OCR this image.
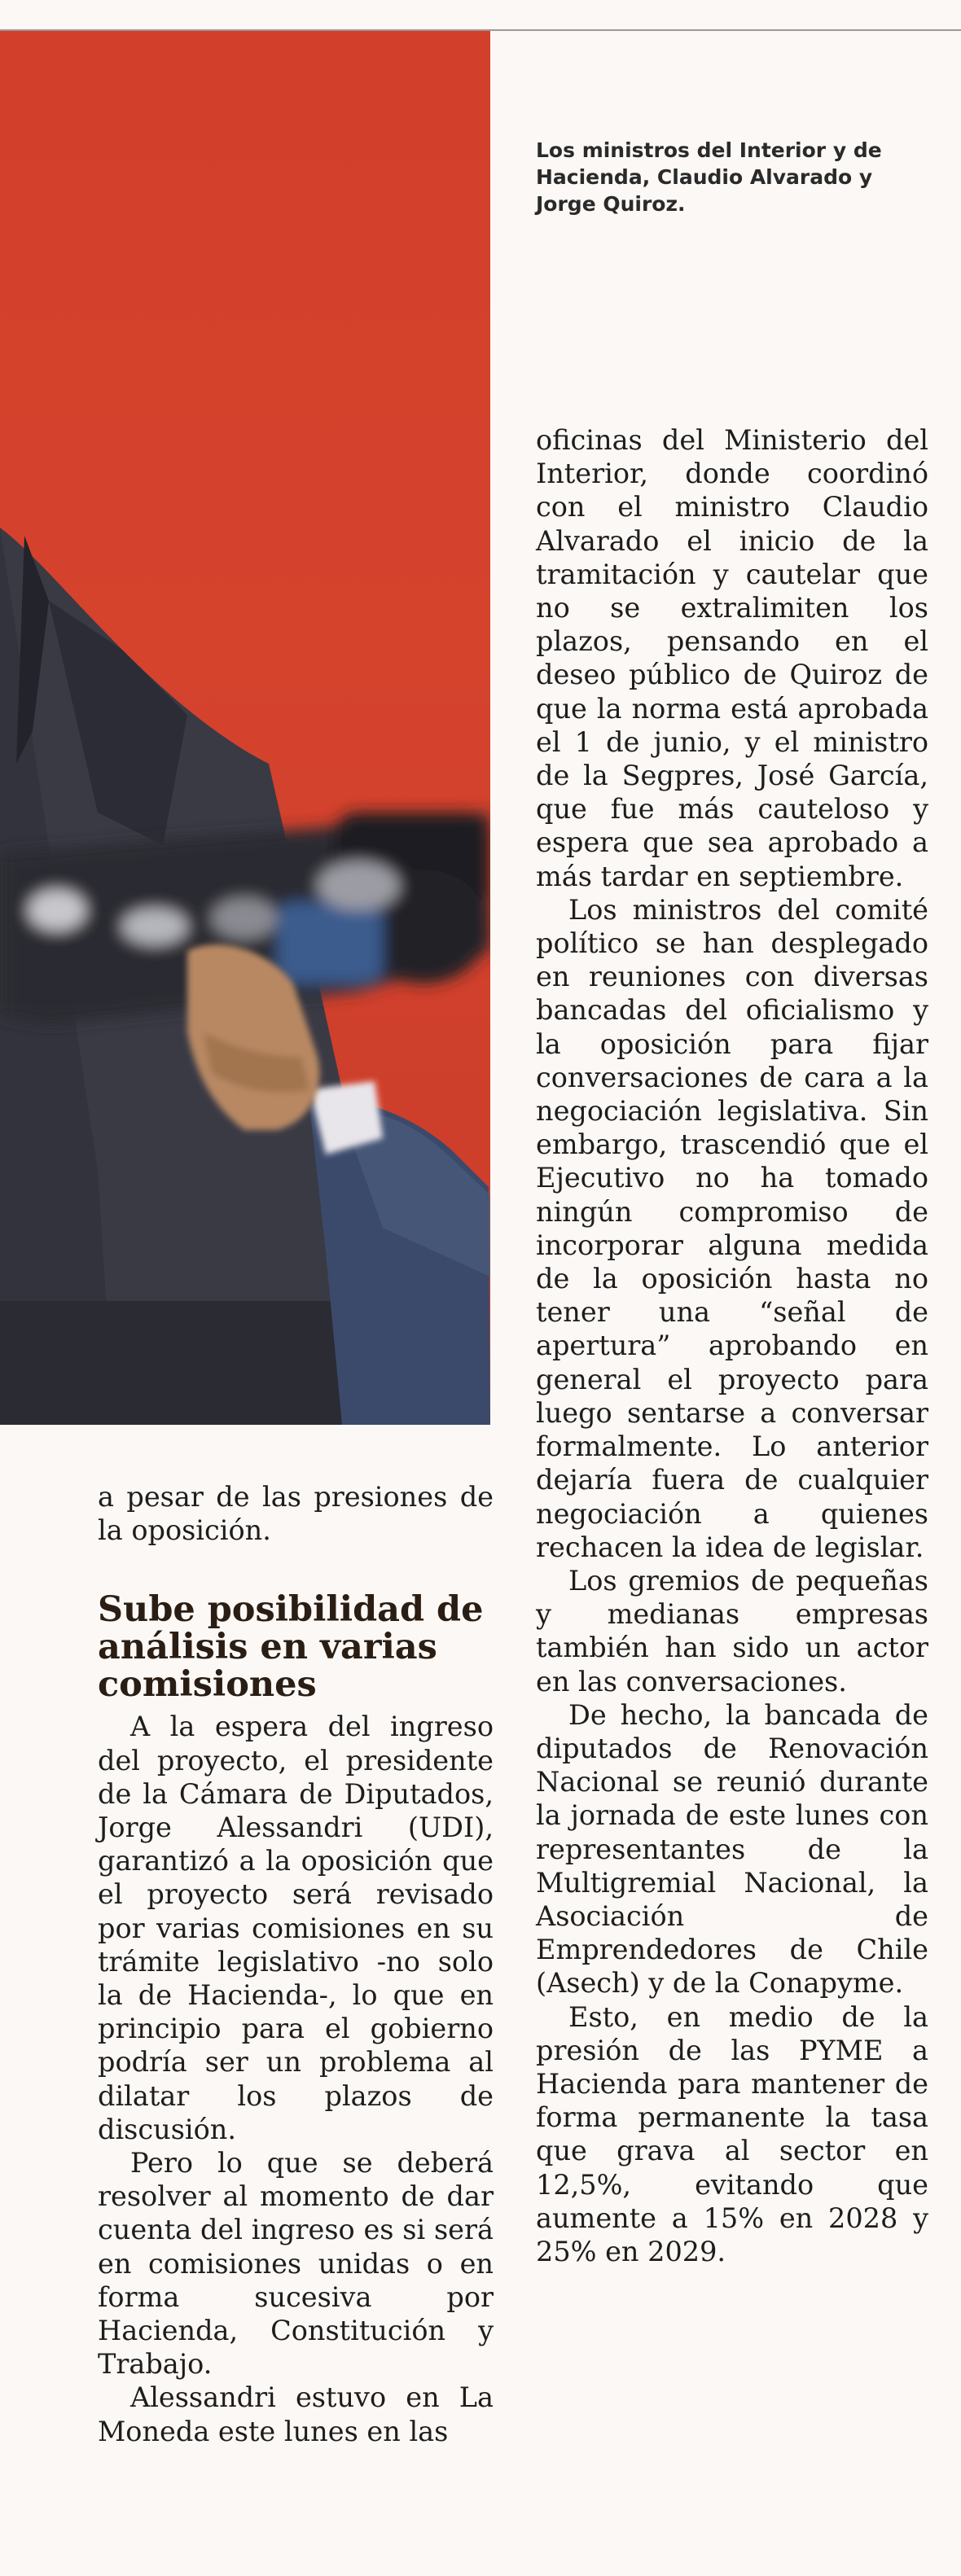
Los ministros del Interior y de Hacienda, Claudio Alvarado y Jorge Quiroz.

a pesar de las presiones de la oposición.

Sube posibilidad de análisis en varias comisiones

A la espera del ingreso del proyecto, el presidente de la Cámara de Diputados, Jorge Alessandri (UDI), garantizó a la oposición que el proyecto será revisado por varias comisiones en su trámite legislativo -no solo la de Hacienda-, lo que en principio para el gobierno podría ser un problema al dilatar los plazos de discusión.

Pero lo que se deberá resolver al momento de dar cuenta del ingreso es si será en comisiones unidas o en forma sucesiva por Hacienda, Constitución y Trabajo.

Alessandri estuvo en La Moneda este lunes en las

oficinas del Ministerio del Interior, donde coordinó con el ministro Claudio Alvarado el inicio de la tramitación y cautelar que no se extralimiten los plazos, pensando en el deseo público de Quiroz de que la norma está aprobada el 1 de junio, y el ministro de la Segpres, José García, que fue más cauteloso y espera que sea aprobado a más tardar en septiembre.

Los ministros del comité político se han desplegado en reuniones con diversas bancadas del oficialismo y la oposición para fijar conversaciones de cara a la negociación legislativa. Sin embargo, trascendió que el Ejecutivo no ha tomado ningún compromiso de incorporar alguna medida de la oposición hasta no tener una “señal de apertura” aprobando en general el proyecto para luego sentarse a conversar formalmente. Lo anterior dejaría fuera de cualquier negociación a quienes rechacen la idea de legislar.

Los gremios de pequeñas y medianas empresas también han sido un actor en las conversaciones.

De hecho, la bancada de diputados de Renovación Nacional se reunió durante la jornada de este lunes con representantes de la Multigremial Nacional, la Asociación de Emprendedores de Chile (Asech) y de la Conapyme.

Esto, en medio de la presión de las PYME a Hacienda para mantener de forma permanente la tasa que grava al sector en 12,5%, evitando que aumente a 15% en 2028 y 25% en 2029.
